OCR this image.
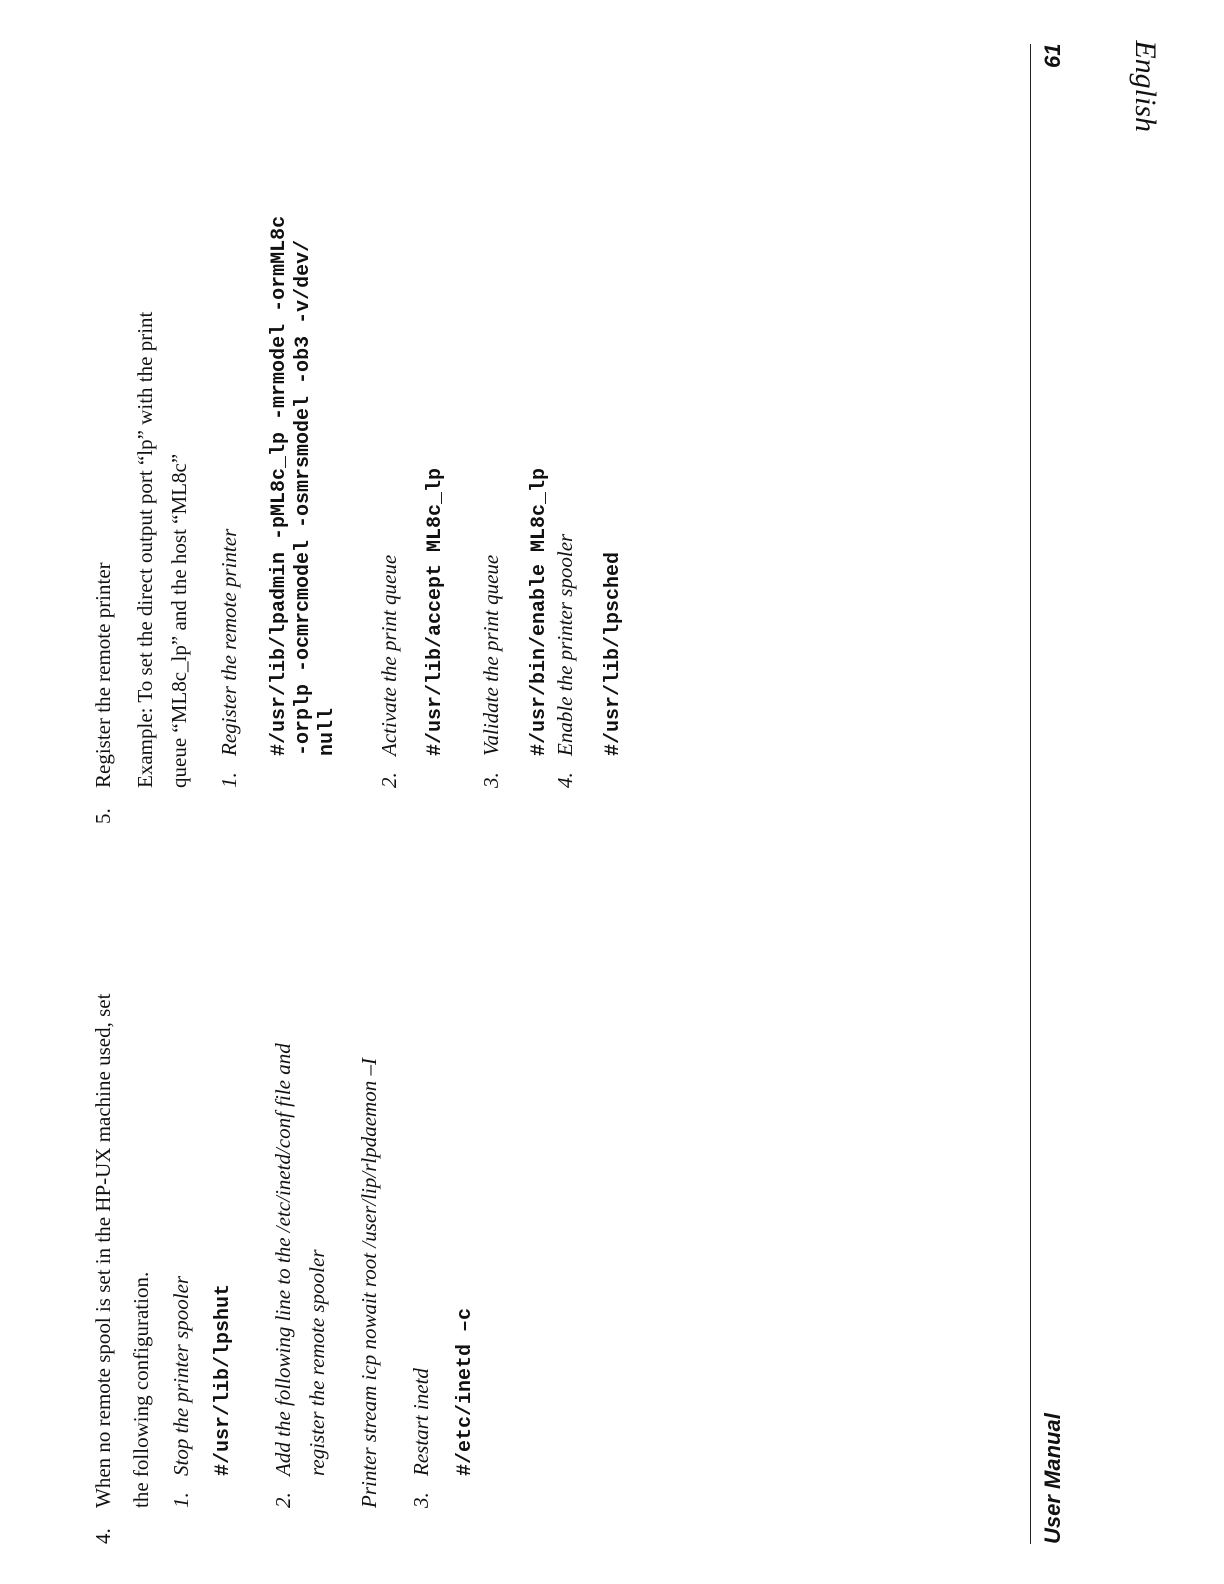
4.
When no remote spool is set in the HP-UX machine used, set the following configuration. 1.
Stop the printer spooler #/usr/lib/lpshut
2.
Add the following line to the /etc/inetd/conf file and register the remote spooler Printer stream icp nowait root /user/lip/rlpdaemon –I 3.
Restart inetd #/etc/inetd –c
5.
Register the remote printer Example: To set the direct output port “lp” with the print queue “ML8c_lp” and the host “ML8c” 1.
Register the remote printer #/usr/lib/lpadmin -pML8c_lp -mrmodel -ormML8c -orplp -ocmrcmodel -osmrsmodel -ob3 -v/dev/ null
2.
Activate the print queue #/usr/lib/accept ML8c_lp
3.
Validate the print queue #/usr/bin/enable ML8c_lp
4.
Enable the printer spooler #/usr/lib/lpsched
User Manual
61 English
